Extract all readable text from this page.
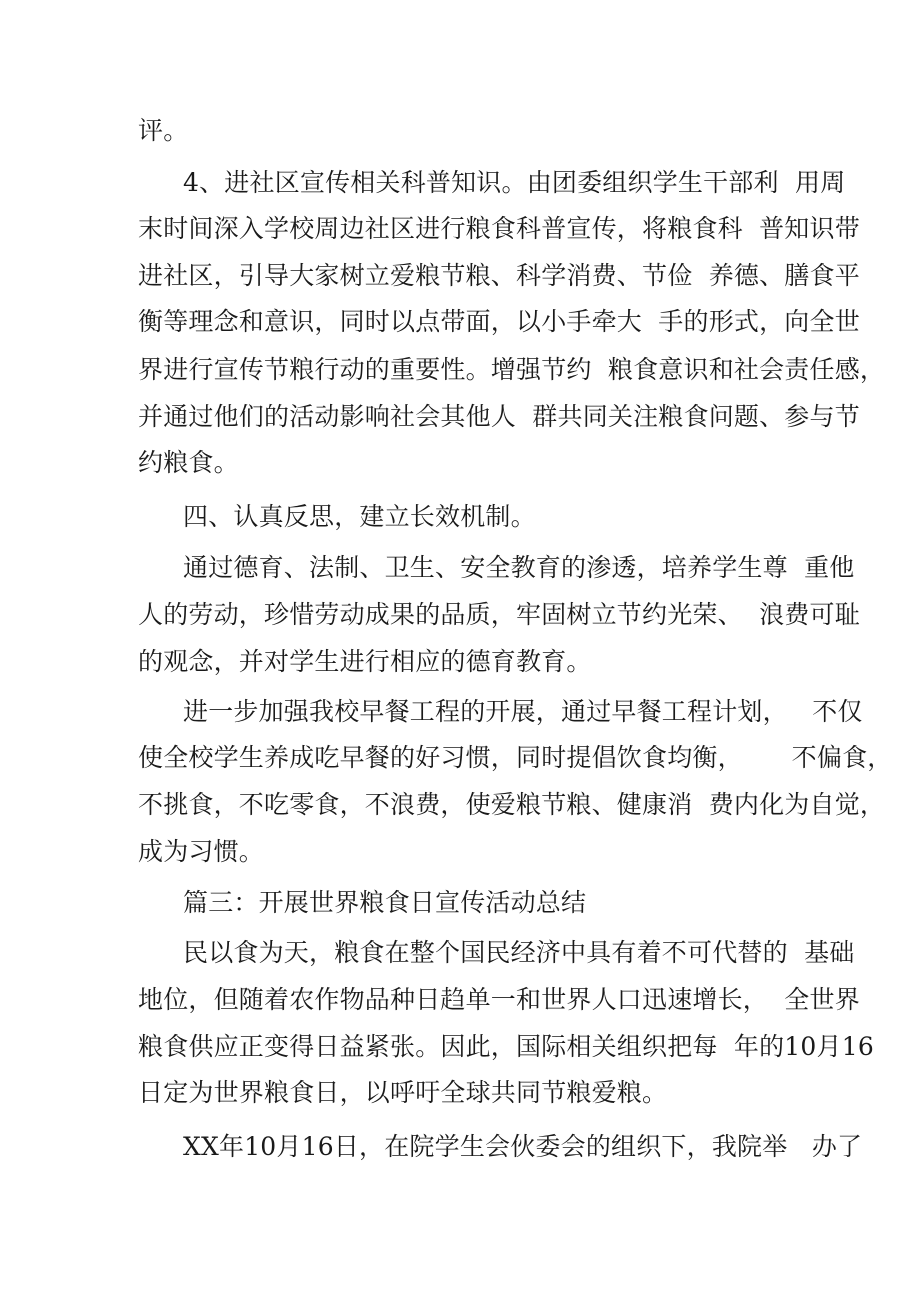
评。
4、进社区宣传相关科普知识。由团委组织学生干部利  用周
末时间深入学校周边社区进行粮食科普宣传，将粮食科  普知识带
进社区，引导大家树立爱粮节粮、科学消费、节俭  养德、膳食平
衡等理念和意识，同时以点带面，以小手牵大  手的形式，向全世
界进行宣传节粮行动的重要性。增强节约  粮食意识和社会责任感，
并通过他们的活动影响社会其他人  群共同关注粮食问题、参与节
约粮食。
四、认真反思，建立长效机制。
通过德育、法制、卫生、安全教育的渗透，培养学生尊  重他
人的劳动，珍惜劳动成果的品质，牢固树立节约光荣、  浪费可耻
的观念，并对学生进行相应的德育教育。
进一步加强我校早餐工程的开展，通过早餐工程计划，   不仅
使全校学生养成吃早餐的好习惯，同时提倡饮食均衡，      不偏食，
不挑食，不吃零食，不浪费，使爱粮节粮、健康消  费内化为自觉，
成为习惯。
篇三：开展世界粮食日宣传活动总结
民以食为天，粮食在整个国民经济中具有着不可代替的  基础
地位，但随着农作物品种日趋单一和世界人口迅速增长，  全世界
粮食供应正变得日益紧张。因此，国际相关组织把每  年的10月16
日定为世界粮食日，以呼吁全球共同节粮爱粮。
XX年10月16日，在院学生会伙委会的组织下，我院举   办了
